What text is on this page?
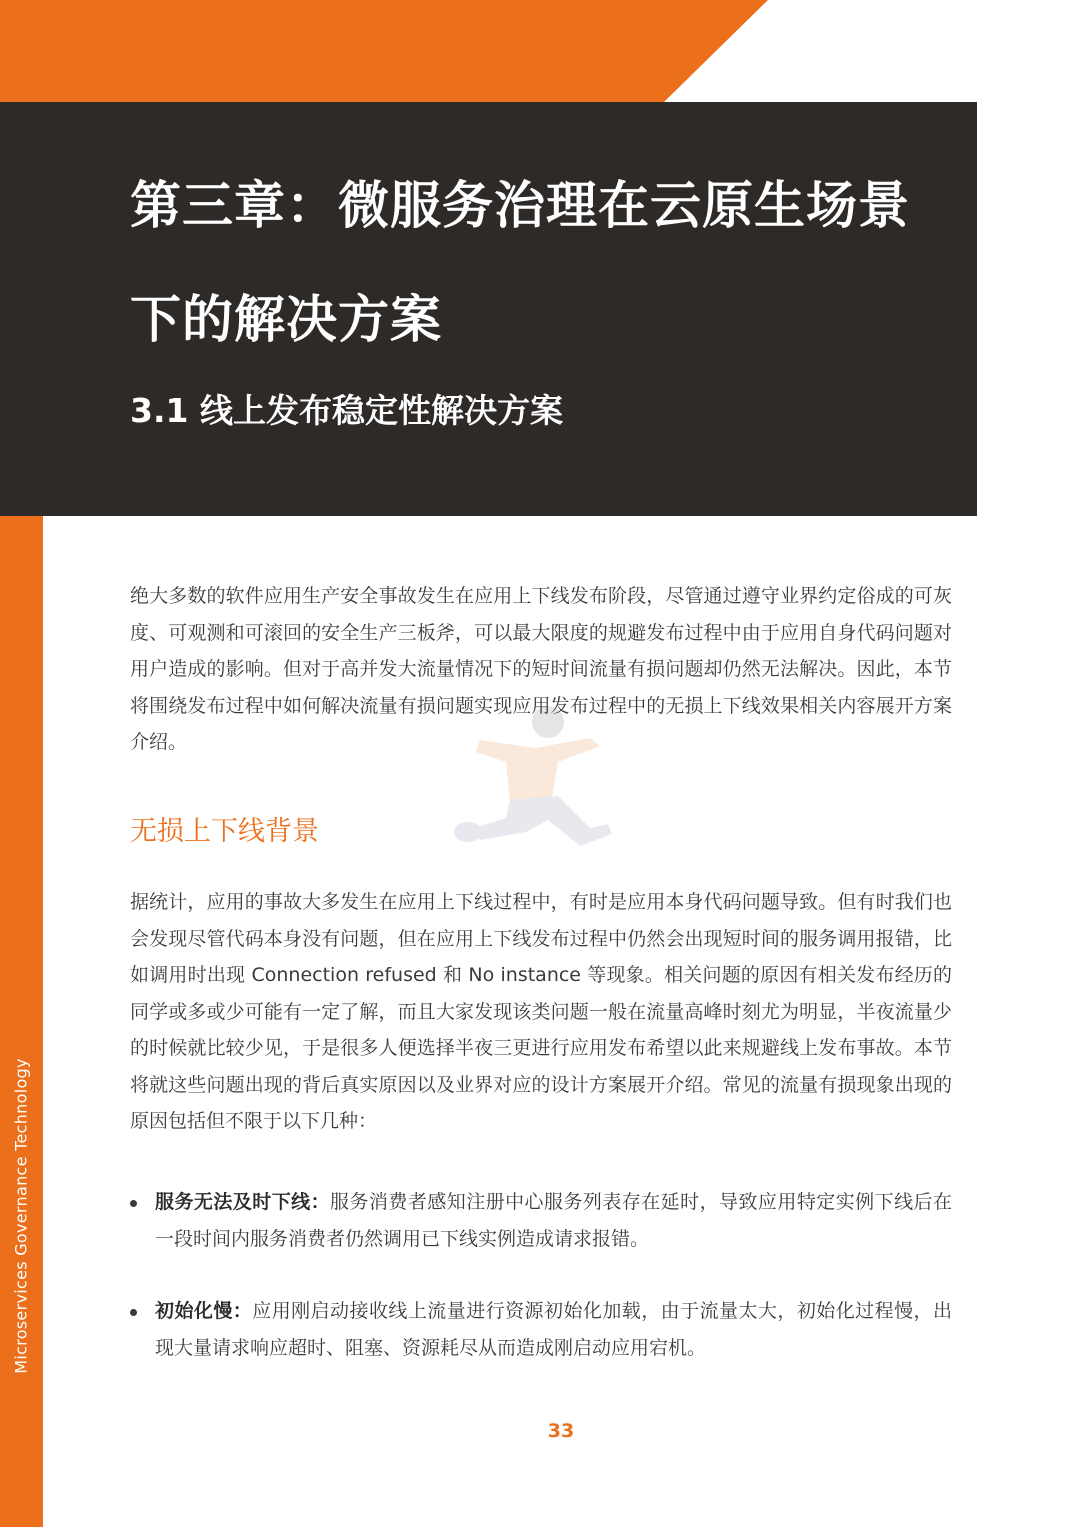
第三章：微服务治理在云原生场景下的解决方案
3.1 线上发布稳定性解决方案
Microservices Governance Technology

绝大多数的软件应用生产安全事故发生在应用上下线发布阶段，尽管通过遵守业界约定俗成的可灰度、可观测和可滚回的安全生产三板斧，可以最大限度的规避发布过程中由于应用自身代码问题对用户造成的影响。但对于高并发大流量情况下的短时间流量有损问题却仍然无法解决。因此，本节将围绕发布过程中如何解决流量有损问题实现应用发布过程中的无损上下线效果相关内容展开方案介绍。

无损上下线背景

据统计，应用的事故大多发生在应用上下线过程中，有时是应用本身代码问题导致。但有时我们也会发现尽管代码本身没有问题，但在应用上下线发布过程中仍然会出现短时间的服务调用报错，比如调用时出现 Connection refused 和 No instance 等现象。相关问题的原因有相关发布经历的同学或多或少可能有一定了解，而且大家发现该类问题一般在流量高峰时刻尤为明显，半夜流量少的时候就比较少见，于是很多人便选择半夜三更进行应用发布希望以此来规避线上发布事故。本节将就这些问题出现的背后真实原因以及业界对应的设计方案展开介绍。常见的流量有损现象出现的原因包括但不限于以下几种：

服务无法及时下线：服务消费者感知注册中心服务列表存在延时，导致应用特定实例下线后在一段时间内服务消费者仍然调用已下线实例造成请求报错。

初始化慢：应用刚启动接收线上流量进行资源初始化加载，由于流量太大，初始化过程慢，出现大量请求响应超时、阻塞、资源耗尽从而造成刚启动应用宕机。

33
